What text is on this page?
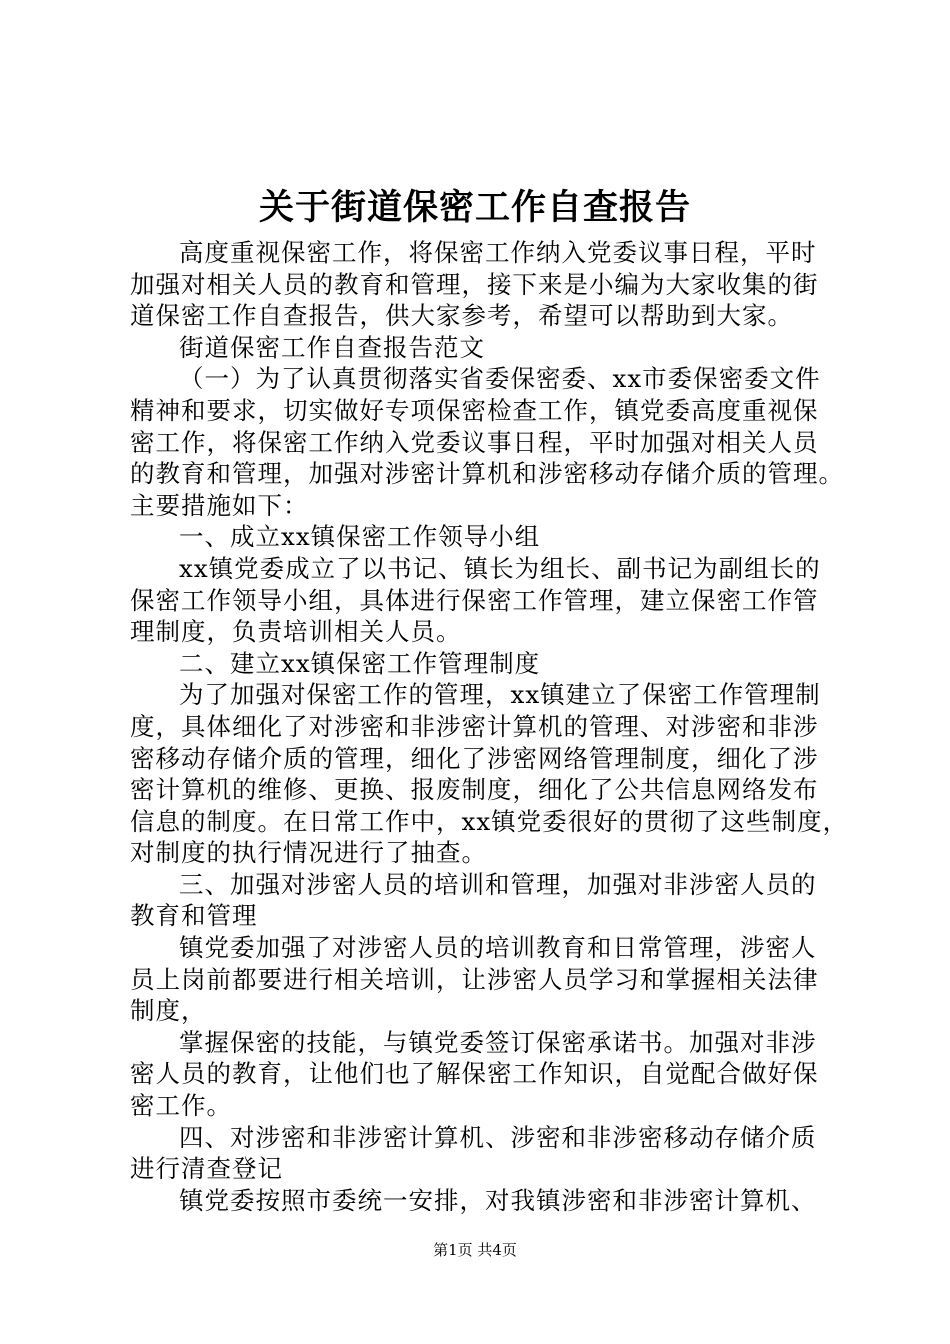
关于街道保密工作自查报告
高度重视保密工作，将保密工作纳入党委议事日程，平时
加强对相关人员的教育和管理，接下来是小编为大家收集的街
道保密工作自查报告，供大家参考，希望可以帮助到大家。
街道保密工作自查报告范文
（一）为了认真贯彻落实省委保密委、xx市委保密委文件
精神和要求，切实做好专项保密检查工作，镇党委高度重视保
密工作，将保密工作纳入党委议事日程，平时加强对相关人员
的教育和管理，加强对涉密计算机和涉密移动存储介质的管理。
主要措施如下：
一、成立xx镇保密工作领导小组
xx镇党委成立了以书记、镇长为组长、副书记为副组长的
保密工作领导小组，具体进行保密工作管理，建立保密工作管
理制度，负责培训相关人员。
二、建立xx镇保密工作管理制度
为了加强对保密工作的管理，xx镇建立了保密工作管理制
度，具体细化了对涉密和非涉密计算机的管理、对涉密和非涉
密移动存储介质的管理，细化了涉密网络管理制度，细化了涉
密计算机的维修、更换、报废制度，细化了公共信息网络发布
信息的制度。在日常工作中，xx镇党委很好的贯彻了这些制度，
对制度的执行情况进行了抽查。
三、加强对涉密人员的培训和管理，加强对非涉密人员的
教育和管理
镇党委加强了对涉密人员的培训教育和日常管理，涉密人
员上岗前都要进行相关培训，让涉密人员学习和掌握相关法律
制度，
掌握保密的技能，与镇党委签订保密承诺书。加强对非涉
密人员的教育，让他们也了解保密工作知识，自觉配合做好保
密工作。
四、对涉密和非涉密计算机、涉密和非涉密移动存储介质
进行清查登记
镇党委按照市委统一安排，对我镇涉密和非涉密计算机、
第1页 共4页
